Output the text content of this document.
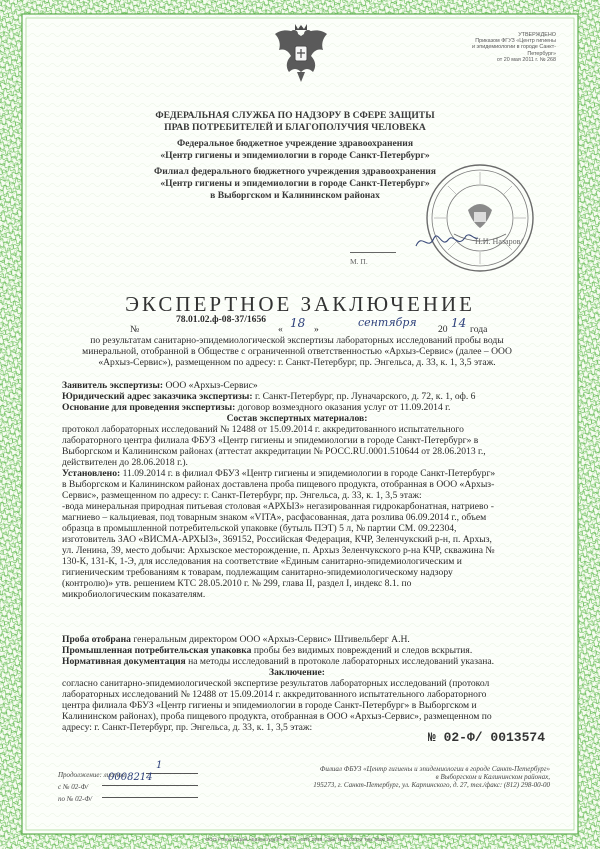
УТВЕРЖДЕНО
Приказом ФГУЗ «Центр гигиены
и эпидемиологии в городе Санкт-Петербург»
от 20 мая 2011 г. № 268
ФЕДЕРАЛЬНАЯ СЛУЖБА ПО НАДЗОРУ В СФЕРЕ ЗАЩИТЫ
ПРАВ ПОТРЕБИТЕЛЕЙ И БЛАГОПОЛУЧИЯ ЧЕЛОВЕКА
Федеральное бюджетное учреждение здравоохранения
«Центр гигиены и эпидемиологии в городе Санкт-Петербург»
Филиал федерального бюджетного учреждения здравоохранения
«Центр гигиены и эпидемиологии в городе Санкт-Петербург»
в Выборгском и Калининском районах
Н.И. Назаров/
М. П.
ЭКСПЕРТНОЕ ЗАКЛЮЧЕНИЕ
№
78.01.02.ф-08-37/1656
« 18 »
сентября
20 14 года
по результатам санитарно-эпидемиологической экспертизы лабораторных исследований пробы воды
минеральной, отобранной в Обществе с ограниченной ответственностью «Архыз-Сервис» (далее – ООО
«Архыз-Сервис»), размещенном по адресу: г. Санкт-Петербург, пр. Энгельса, д. 33, к. 1, 3,5 этаж.
Заявитель экспертизы: ООО «Архыз-Сервис»
Юридический адрес заказчика экспертизы: г. Санкт-Петербург, пр. Луначарского, д. 72, к. 1, оф. 6
Основание для проведения экспертизы: договор возмездного оказания услуг от 11.09.2014 г.
Состав экспертных материалов:
протокол лабораторных исследований № 12488 от 15.09.2014 г. аккредитованного испытательного
лабораторного центра филиала ФБУЗ «Центр гигиены и эпидемиологии в городе Санкт-Петербург» в
Выборгском и Калининском районах (аттестат аккредитации № РОСС.RU.0001.510644 от 28.06.2013 г.,
действителен до 28.06.2018 г.).
Установлено: 11.09.2014 г. в филиал ФБУЗ «Центр гигиены и эпидемиологии в городе Санкт-Петербург»
в Выборгском и Калининском районах доставлена проба пищевого продукта, отобранная в ООО «Архыз-
Сервис», размещенном по адресу: г. Санкт-Петербург, пр. Энгельса, д. 33, к. 1, 3,5 этаж:
-вода минеральная природная питьевая столовая «АРХЫЗ» негазированная гидрокарбонатная, натриево -
магниево – кальциевая, под товарным знаком «VITA», расфасованная, дата розлива 06.09.2014 г., объем
образца в промышленной потребительской упаковке (бутыль ПЭТ) 5 л, № партии СМ. 09.22304,
изготовитель ЗАО «ВИСМА-АРХЫЗ», 369152, Российская Федерация, КЧР, Зеленчукский р-н, п. Архыз,
ул. Ленина, 39, место добычи: Архызское месторождение, п. Архыз Зеленчукского р-на КЧР, скважина №
130-К, 131-К, 1-Э, для исследования на соответствие «Единым санитарно-эпидемиологическим и
гигиеническим требованиям к товарам, подлежащим санитарно-эпидемиологическому надзору
(контролю)» утв. решением КТС 28.05.2010 г. № 299, глава II, раздел I, индекс 8.1. по
микробиологическим показателям.
Проба отобрана генеральным директором ООО «Архыз-Сервис» Штивельберг А.Н.
Промышленная потребительская упаковка пробы без видимых повреждений и следов вскрытия.
Нормативная документация на методы исследований в протоколе лабораторных исследований указана.
Заключение:
согласно санитарно-эпидемиологической экспертизе результатов лабораторных исследований (протокол
лабораторных исследований № 12488 от 15.09.2014 г. аккредитованного испытательного лабораторного
центра филиала ФБУЗ «Центр гигиены и эпидемиологии в городе Санкт-Петербург» в Выборгском и
Калининском районах), проба пищевого продукта, отобранная в ООО «Архыз-Сервис», размещенном по
адресу: г. Санкт-Петербург, пр. Энгельса, д. 33, к. 1, 3,5 этаж:
№ 02-Ф/ 0013574
Продолжение: листов
1
с № 02-Ф/
0008214
по № 02-Ф/
Филиал ФБУЗ «Центр гигиены и эпидемиологии в городе Санкт-Петербург»
в Выборгском и Калининском районах,
195273, г. Санкт-Петербург, ул. Карпинского, д. 27, тел./факс: (812) 298-00-00
ООО «Типография «Бизнесгрупп» ОГРН · СПб 2013 г. Зак. № 1102022 Тир. 5000 экз.
